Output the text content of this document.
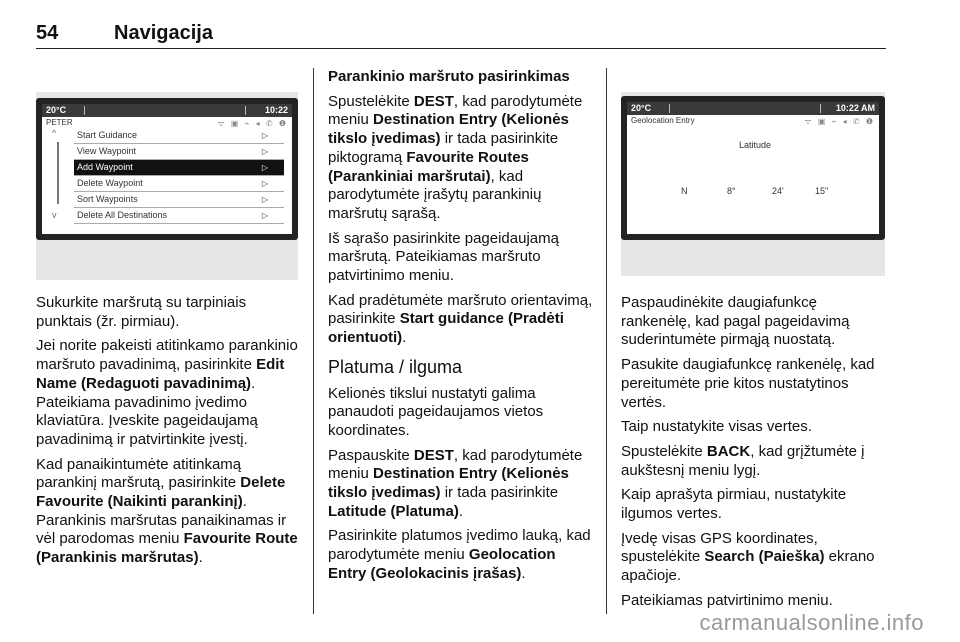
54	Navigacija
20°C	10:22
PETER	ᯤ ▣ ⌁ ◂ ✆ ❶
^
v
Start Guidance	▷
View Waypoint	▷
Add Waypoint	▷
Delete Waypoint	▷
Sort Waypoints	▷
Delete All Destinations	▷
20°C	10:22 AM
Geolocation Entry	ᯤ ▣ ⌁ ◂ ✆ ❶
Latitude
N	8°	24'	15"

Sukurkite maršrutą su tarpiniais punktais (žr. pirmiau).

Jei norite pakeisti atitinkamo parankinio maršruto pavadinimą, pasirinkite Edit Name (Redaguoti pavadinimą). Pateikiama pavadinimo įvedimo klaviatūra. Įveskite pageidaujamą pavadinimą ir patvirtinkite įvestį.

Kad panaikintumėte atitinkamą parankinį maršrutą, pasirinkite Delete Favourite (Naikinti parankinį). Parankinis maršrutas panaikinamas ir vėl parodomas meniu Favourite Route (Parankinis maršrutas).

Parankinio maršruto pasirinkimas

Spustelėkite DEST, kad parodytumėte meniu Destination Entry (Kelionės tikslo įvedimas) ir tada pasirinkite piktogramą Favourite Routes (Parankiniai maršrutai), kad parodytumėte įrašytų parankinių maršrutų sąrašą.

Iš sąrašo pasirinkite pageidaujamą maršrutą. Pateikiamas maršruto patvirtinimo meniu.

Kad pradėtumėte maršruto orientavimą, pasirinkite Start guidance (Pradėti orientuoti).

Platuma / ilguma

Kelionės tikslui nustatyti galima panaudoti pageidaujamos vietos koordinates.

Paspauskite DEST, kad parodytumėte meniu Destination Entry (Kelionės tikslo įvedimas) ir tada pasirinkite Latitude (Platuma).

Pasirinkite platumos įvedimo lauką, kad parodytumėte meniu Geolocation Entry (Geolokacinis įrašas).

Paspaudinėkite daugiafunkcę rankenėlę, kad pagal pageidavimą suderintumėte pirmąją nuostatą.

Pasukite daugiafunkcę rankenėlę, kad pereitumėte prie kitos nustatytinos vertės.

Taip nustatykite visas vertes.

Spustelėkite BACK, kad grįžtumėte į aukštesnį meniu lygį.

Kaip aprašyta pirmiau, nustatykite ilgumos vertes.

Įvedę visas GPS koordinates, spustelėkite Search (Paieška) ekrano apačioje.

Pateikiamas patvirtinimo meniu.

carmanualsonline.info
